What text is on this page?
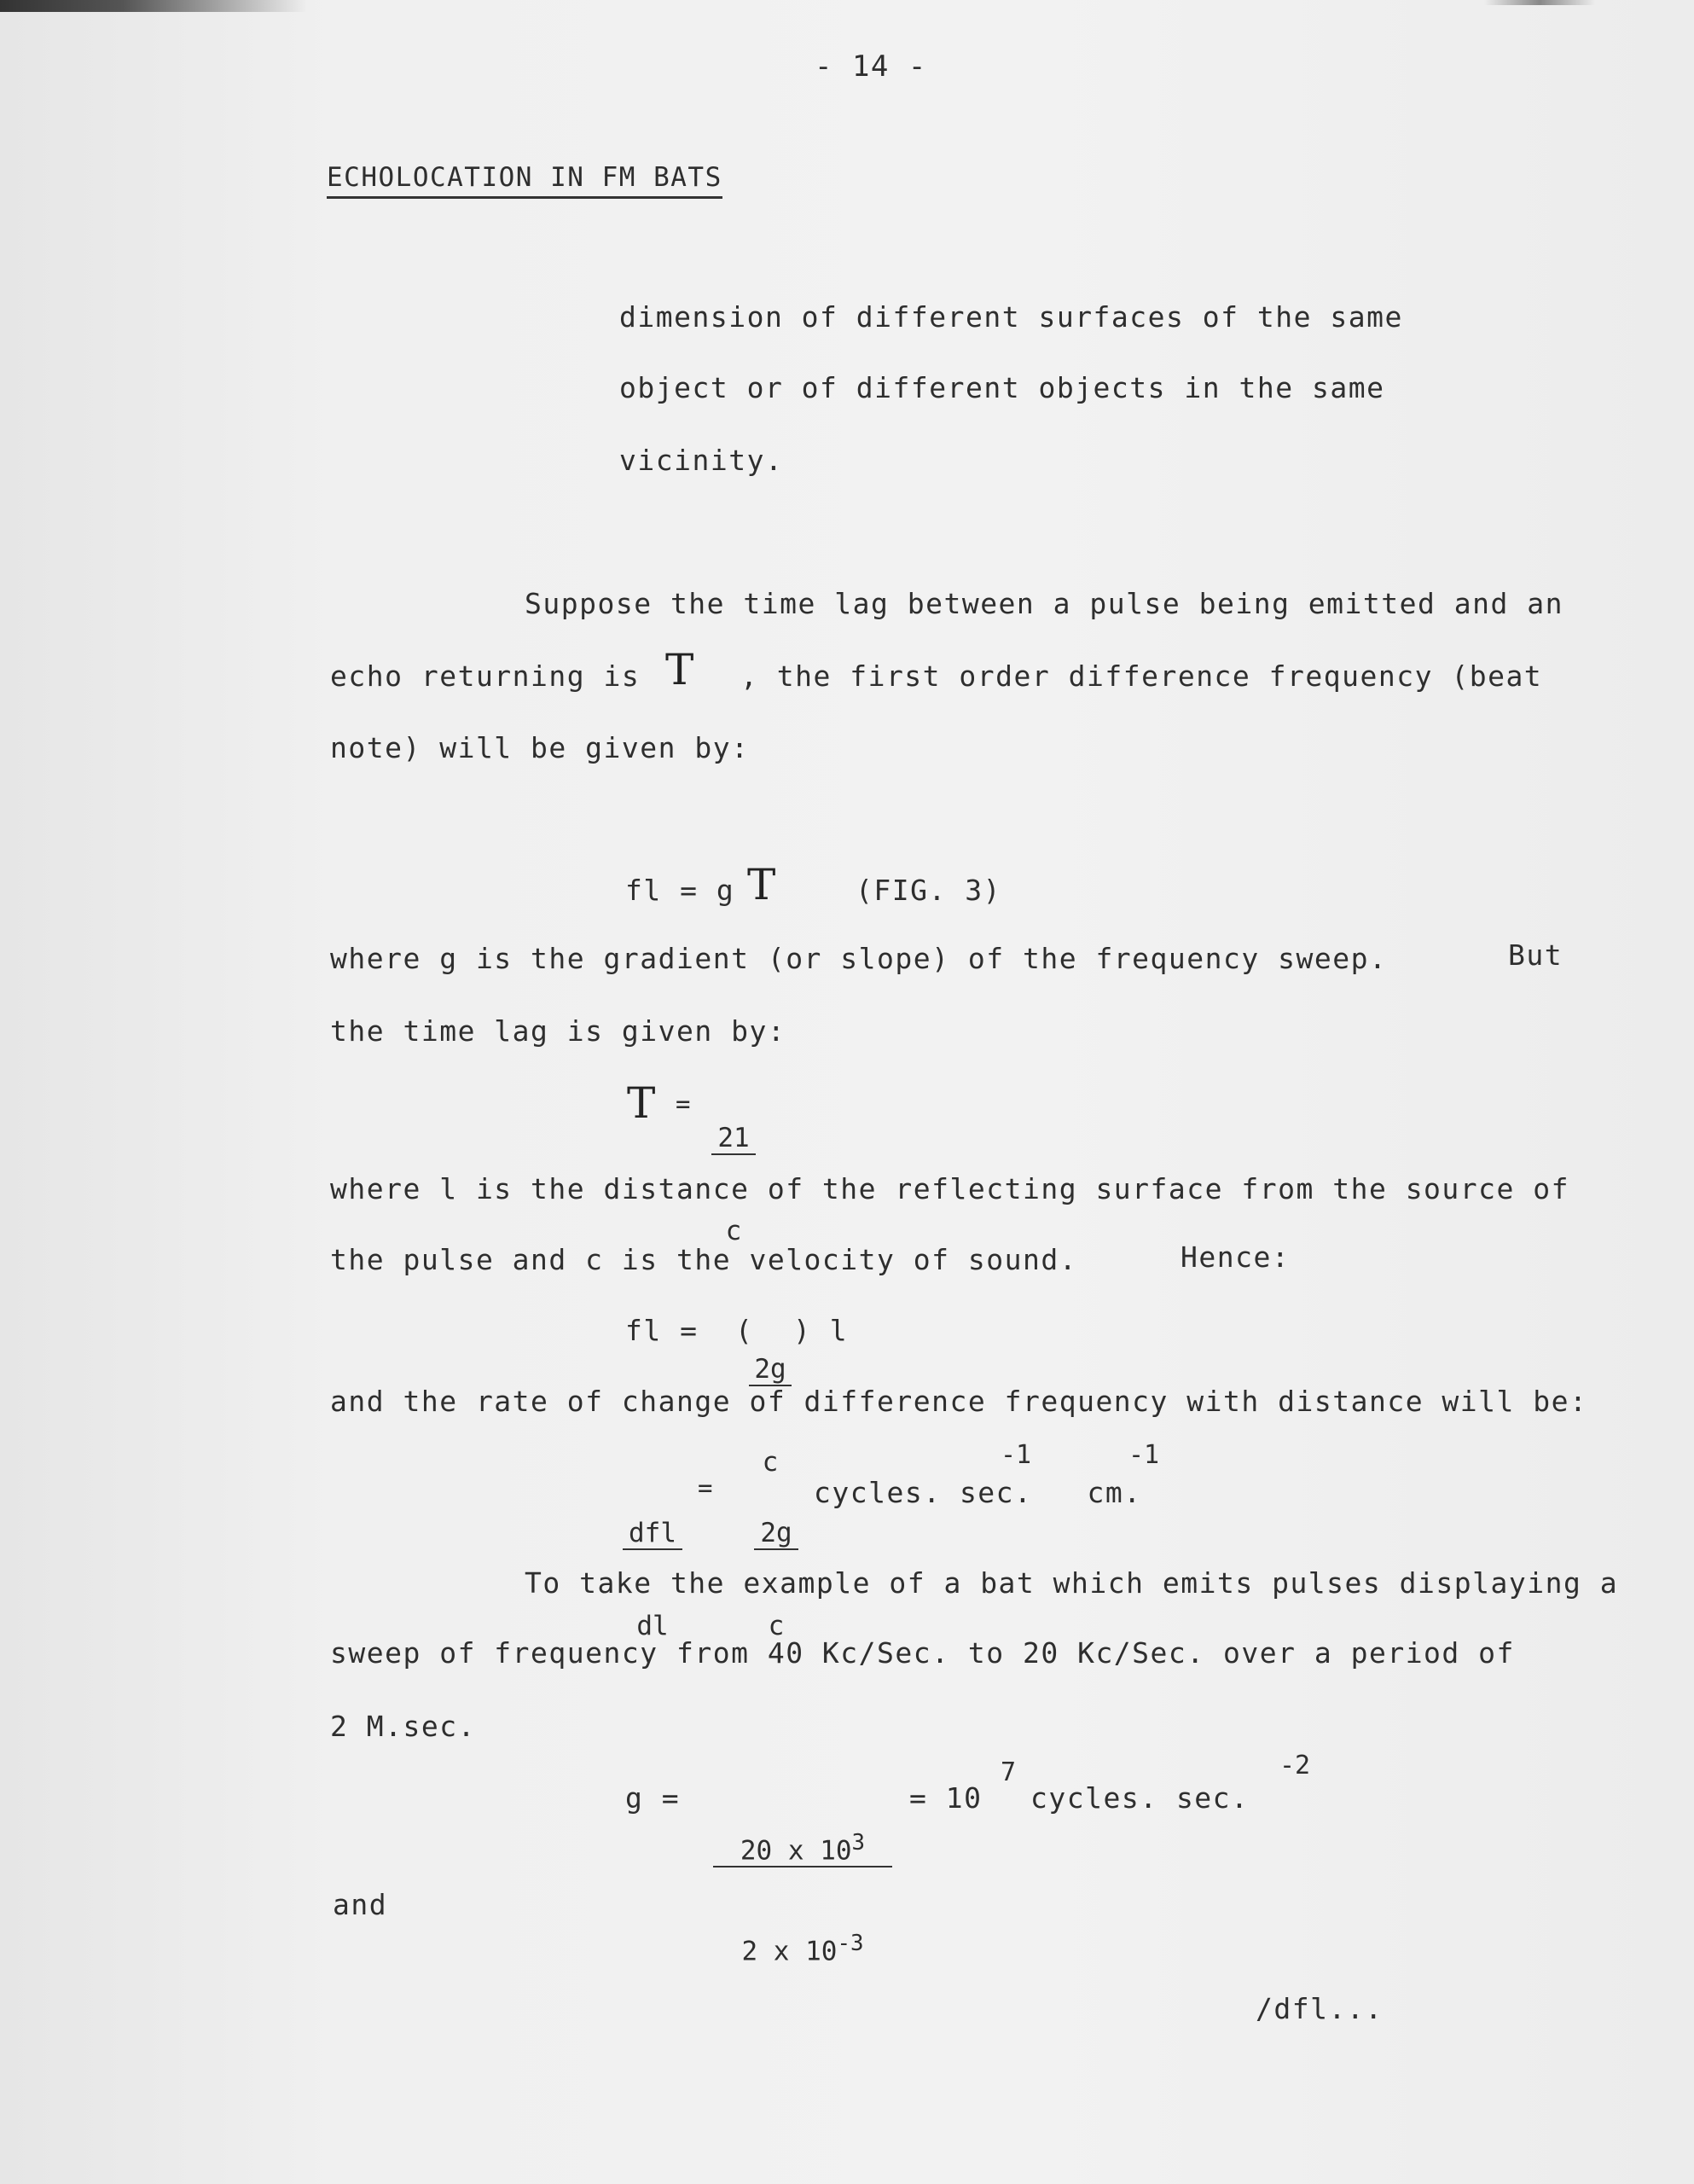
- 14 -
ECHOLOCATION IN FM BATS
dimension of different surfaces of the same
object or of different objects in the same
vicinity.
Suppose the time lag between a pulse being emitted and an
echo returning is T , the first order difference frequency (beat
note) will be given by:
fl = g T	(FIG. 3)
where g is the gradient (or slope) of the frequency sweep.	But
the time lag is given by:
T =

$\frac{21}{c}$

where l is the distance of the reflecting surface from the source of
the pulse and c is the velocity of sound.	Hence:
fl = (

$\frac{2g}{c}$

) l
and the rate of change of difference frequency with distance will be:

dfl

dl

=

$\frac{2g}{c}$

cycles. sec.   cm.
-1	-1
To take the example of a bat which emits pulses displaying a
sweep of frequency from 40 Kc/Sec. to 20 Kc/Sec. over a period of
2 M.sec.
g =

$\frac{20 x 10^3}{2 x 10^{-3}}$

= 10
7
cycles. sec.
-2
and
/dfl...
